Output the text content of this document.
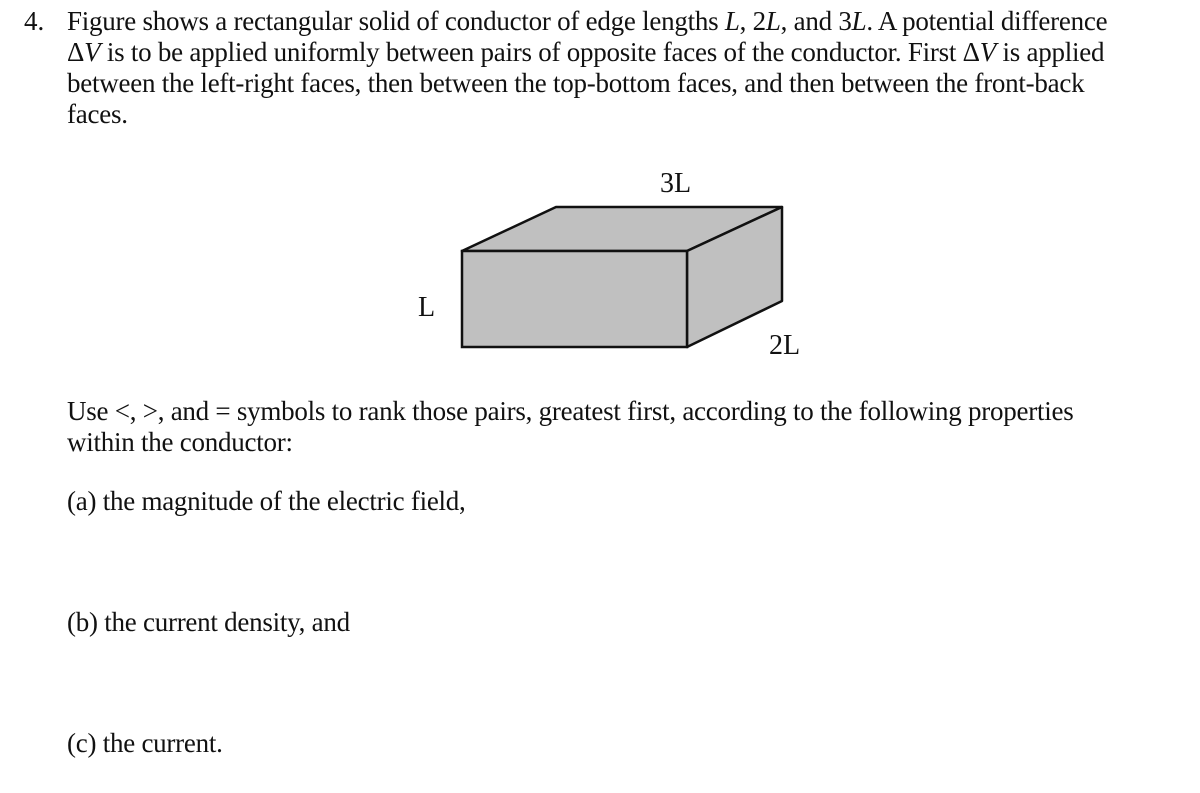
4. Figure shows a rectangular solid of conductor of edge lengths L, 2L, and 3L. A potential difference
ΔV is to be applied uniformly between pairs of opposite faces of the conductor. First ΔV is applied
between the left-right faces, then between the top-bottom faces, and then between the front-back
faces.
3L
L
2L
Use <, >, and = symbols to rank those pairs, greatest first, according to the following properties
within the conductor:
(a) the magnitude of the electric field,
(b) the current density, and
(c) the current.
